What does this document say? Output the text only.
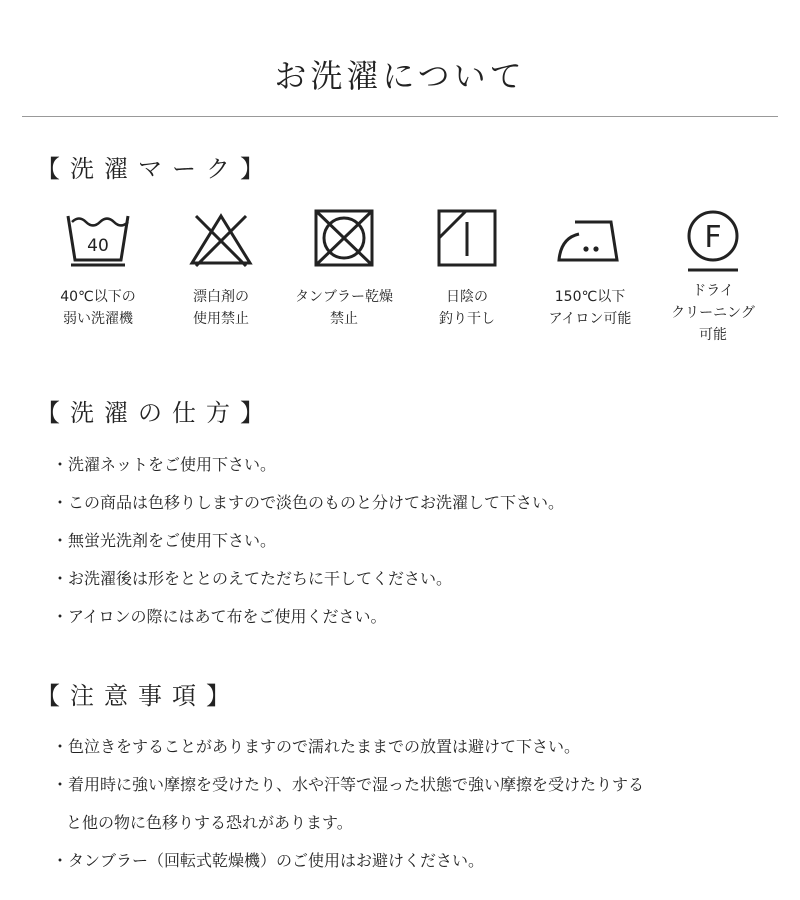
お洗濯について
【洗濯マーク】
40
40℃以下の
弱い洗濯機
漂白剤の
使用禁止
タンブラー乾燥
禁止
日陰の
釣り干し
150℃以下
アイロン可能
F
ドライ
クリーニング
可能
【洗濯の仕方】
・洗濯ネットをご使用下さい。
・この商品は色移りしますので淡色のものと分けてお洗濯して下さい。
・無蛍光洗剤をご使用下さい。
・お洗濯後は形をととのえてただちに干してください。
・アイロンの際にはあて布をご使用ください。
【注意事項】
・色泣きをすることがありますので濡れたままでの放置は避けて下さい。
・着用時に強い摩擦を受けたり、水や汗等で湿った状態で強い摩擦を受けたりする
と他の物に色移りする恐れがあります。
・タンブラー（回転式乾燥機）のご使用はお避けください。
